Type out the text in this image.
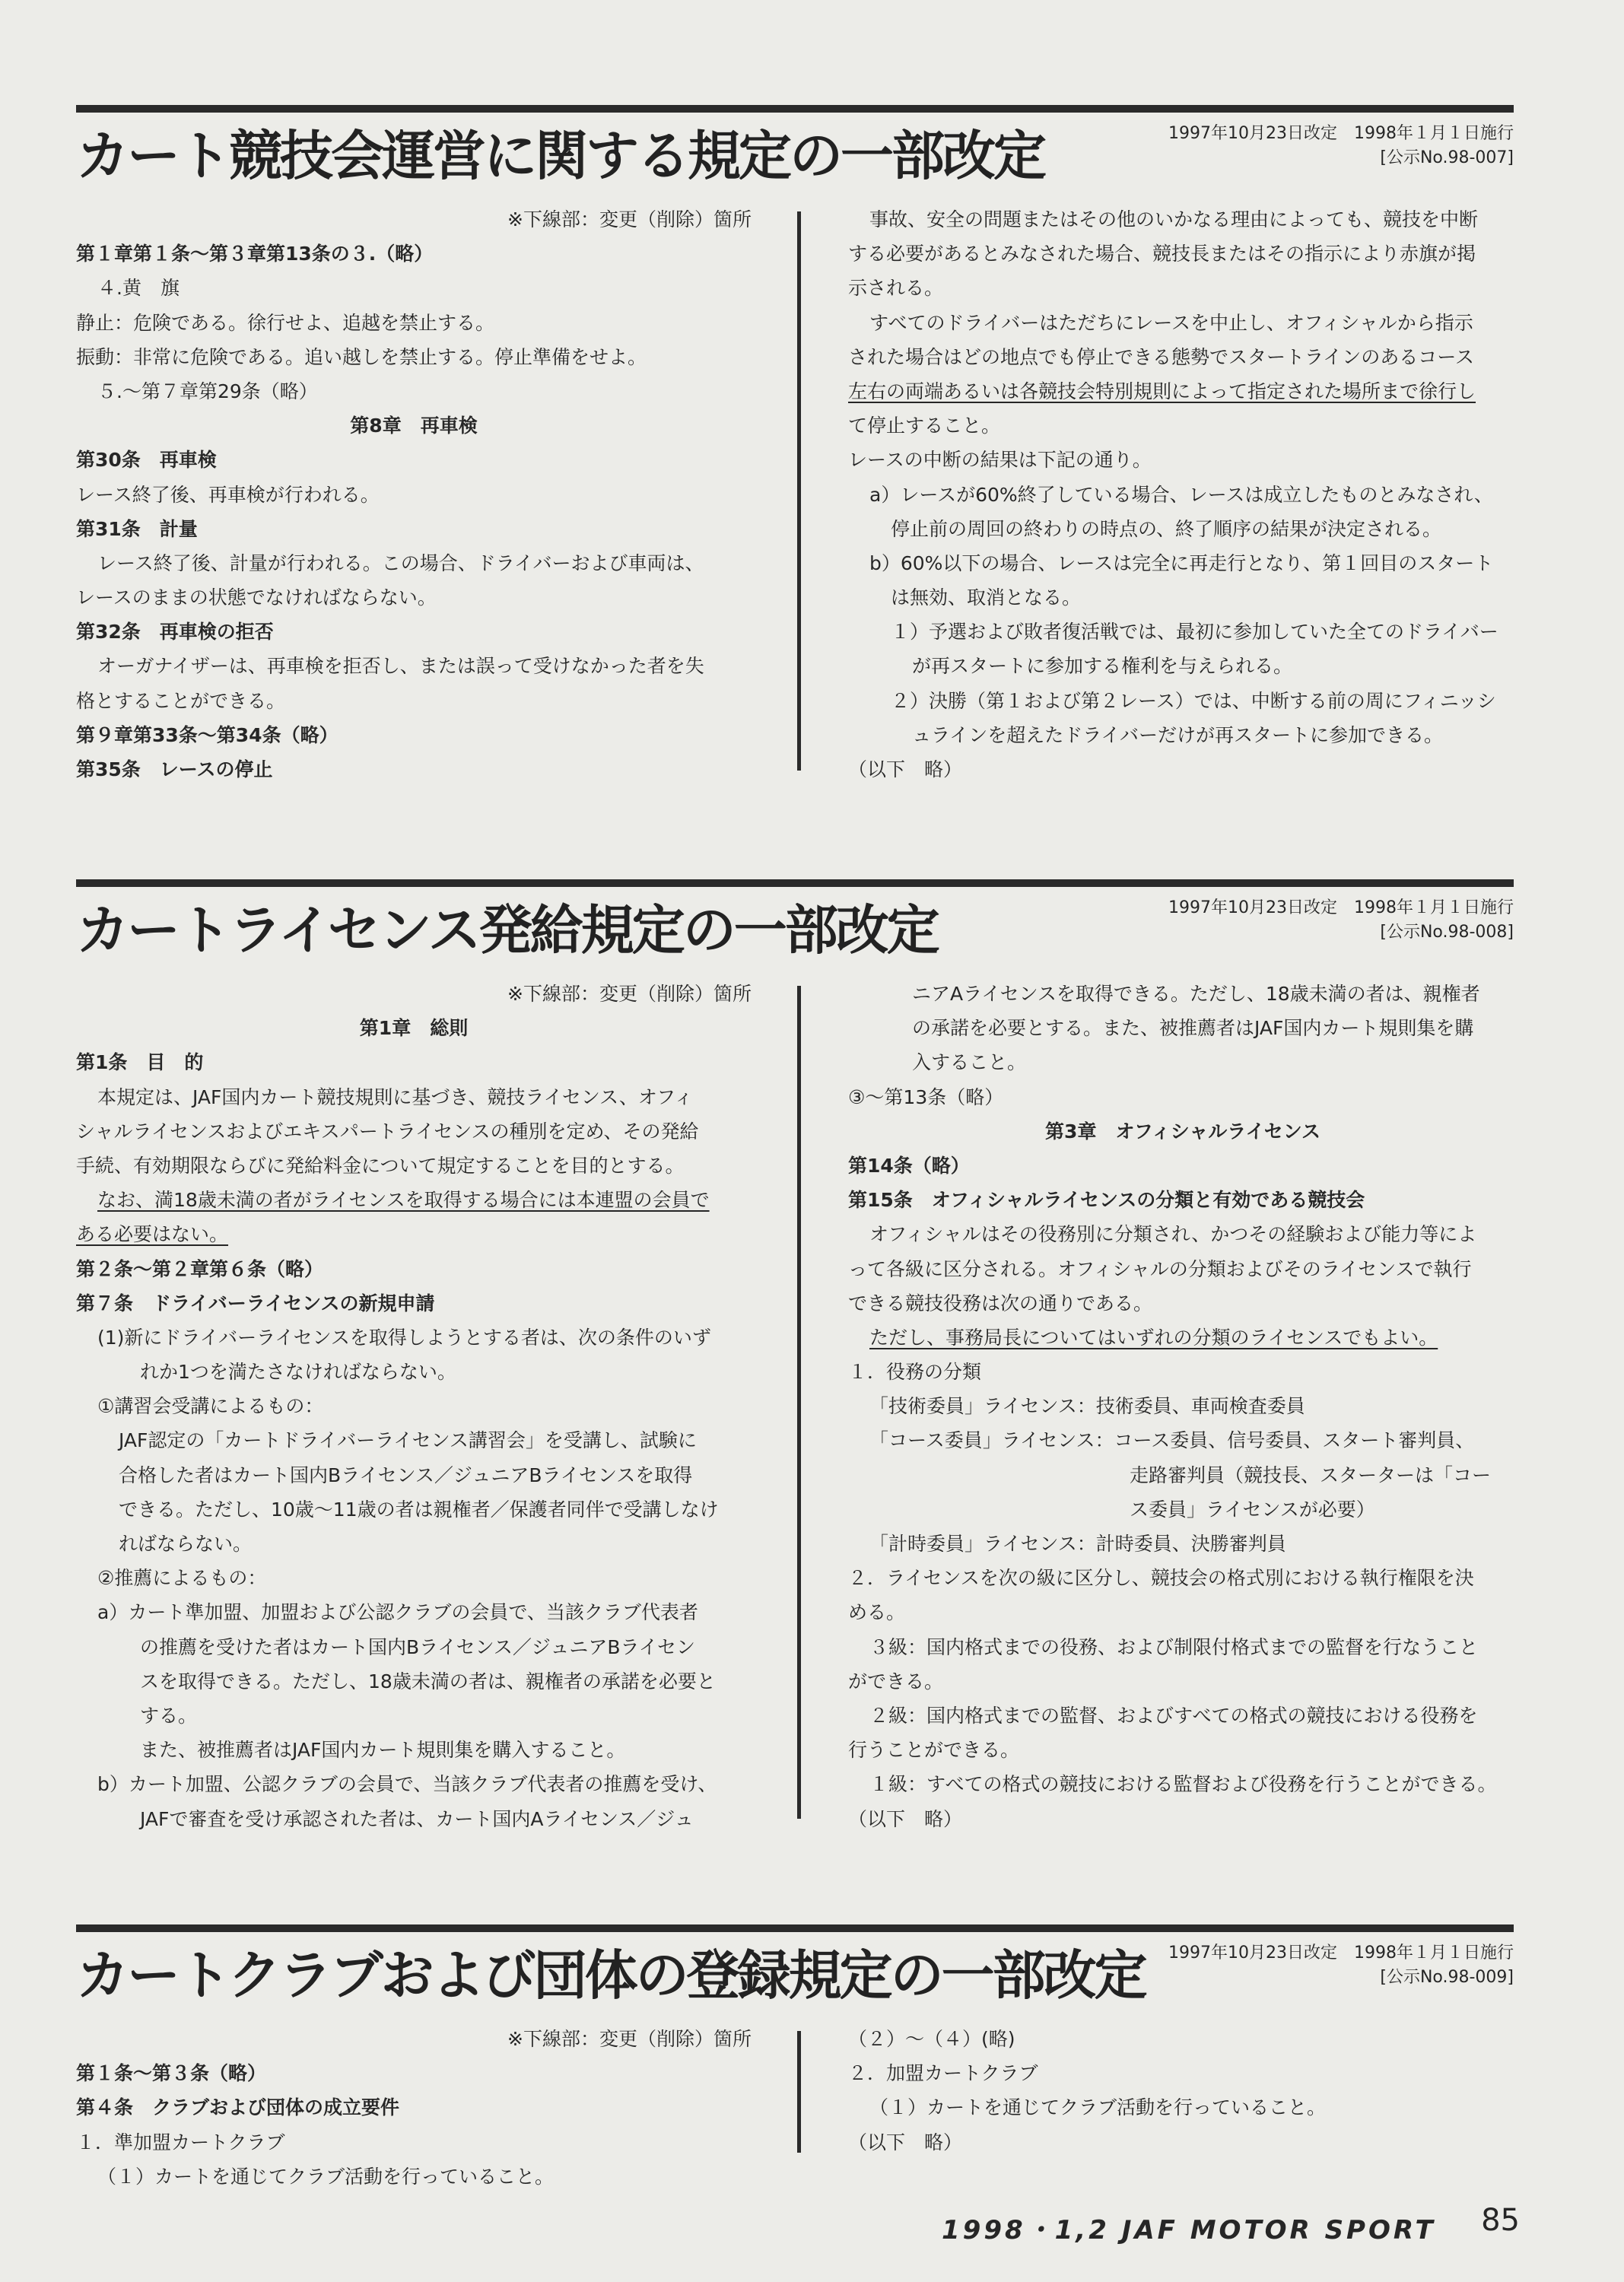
カート競技会運営に関する規定の一部改定	1997年10月23日改定　1998年１月１日施行
[公示No.98-007]
※下線部：変更（削除）箇所
第１章第１条～第３章第13条の３.（略）
４.黄　旗
静止：危険である。徐行せよ、追越を禁止する。
振動：非常に危険である。追い越しを禁止する。停止準備をせよ。
５.～第７章第29条（略）
第8章　再車検
第30条　再車検
レース終了後、再車検が行われる。
第31条　計量
レース終了後、計量が行われる。この場合、ドライバーおよび車両は、
レースのままの状態でなければならない。
第32条　再車検の拒否
オーガナイザーは、再車検を拒否し、または誤って受けなかった者を失
格とすることができる。
第９章第33条～第34条（略）
第35条　レースの停止
事故、安全の問題またはその他のいかなる理由によっても、競技を中断
する必要があるとみなされた場合、競技長またはその指示により赤旗が掲
示される。
すべてのドライバーはただちにレースを中止し、オフィシャルから指示
された場合はどの地点でも停止できる態勢でスタートラインのあるコース
左右の両端あるいは各競技会特別規則によって指定された場所まで徐行し
て停止すること。
レースの中断の結果は下記の通り。
a）レースが60%終了している場合、レースは成立したものとみなされ、
停止前の周回の終わりの時点の、終了順序の結果が決定される。
b）60%以下の場合、レースは完全に再走行となり、第１回目のスタート
は無効、取消となる。
１）予選および敗者復活戦では、最初に参加していた全てのドライバー
が再スタートに参加する権利を与えられる。
２）決勝（第１および第２レース）では、中断する前の周にフィニッシ
ュラインを超えたドライバーだけが再スタートに参加できる。
（以下　略）
カートライセンス発給規定の一部改定	1997年10月23日改定　1998年１月１日施行
[公示No.98-008]
※下線部：変更（削除）箇所
第1章　総則
第1条　目　的
本規定は、JAF国内カート競技規則に基づき、競技ライセンス、オフィ
シャルライセンスおよびエキスパートライセンスの種別を定め、その発給
手続、有効期限ならびに発給料金について規定することを目的とする。
なお、満18歳未満の者がライセンスを取得する場合には本連盟の会員で
ある必要はない。
第２条～第２章第６条（略）
第７条　ドライバーライセンスの新規申請
(1)新にドライバーライセンスを取得しようとする者は、次の条件のいず
れか1つを満たさなければならない。
①講習会受講によるもの：
JAF認定の「カートドライバーライセンス講習会」を受講し、試験に
合格した者はカート国内Bライセンス／ジュニアBライセンスを取得
できる。ただし、10歳～11歳の者は親権者／保護者同伴で受講しなけ
ればならない。
②推薦によるもの：
a）カート準加盟、加盟および公認クラブの会員で、当該クラブ代表者
の推薦を受けた者はカート国内Bライセンス／ジュニアBライセン
スを取得できる。ただし、18歳未満の者は、親権者の承諾を必要と
する。
また、被推薦者はJAF国内カート規則集を購入すること。
b）カート加盟、公認クラブの会員で、当該クラブ代表者の推薦を受け、
JAFで審査を受け承認された者は、カート国内Aライセンス／ジュ
ニアAライセンスを取得できる。ただし、18歳未満の者は、親権者
の承諾を必要とする。また、被推薦者はJAF国内カート規則集を購
入すること。
③～第13条（略）
第3章　オフィシャルライセンス
第14条（略）
第15条　オフィシャルライセンスの分類と有効である競技会
オフィシャルはその役務別に分類され、かつその経験および能力等によ
って各級に区分される。オフィシャルの分類およびそのライセンスで執行
できる競技役務は次の通りである。
ただし、事務局長についてはいずれの分類のライセンスでもよい。
１．役務の分類
「技術委員」ライセンス：技術委員、車両検査委員
「コース委員」ライセンス：コース委員、信号委員、スタート審判員、
走路審判員（競技長、スターターは「コー
ス委員」ライセンスが必要）
「計時委員」ライセンス：計時委員、決勝審判員
２．ライセンスを次の級に区分し、競技会の格式別における執行権限を決
める。
３級：国内格式までの役務、および制限付格式までの監督を行なうこと
ができる。
２級：国内格式までの監督、およびすべての格式の競技における役務を
行うことができる。
１級：すべての格式の競技における監督および役務を行うことができる。
（以下　略）
カートクラブおよび団体の登録規定の一部改定 1997年10月23日改定　1998年１月１日施行
[公示No.98-009]
※下線部：変更（削除）箇所
第１条～第３条（略）
第４条　クラブおよび団体の成立要件
１．準加盟カートクラブ
（１）カートを通じてクラブ活動を行っていること。
（２）～（４）(略)
２．加盟カートクラブ
（１）カートを通じてクラブ活動を行っていること。
（以下　略）
1998・1,2 JAF MOTOR SPORT 85
